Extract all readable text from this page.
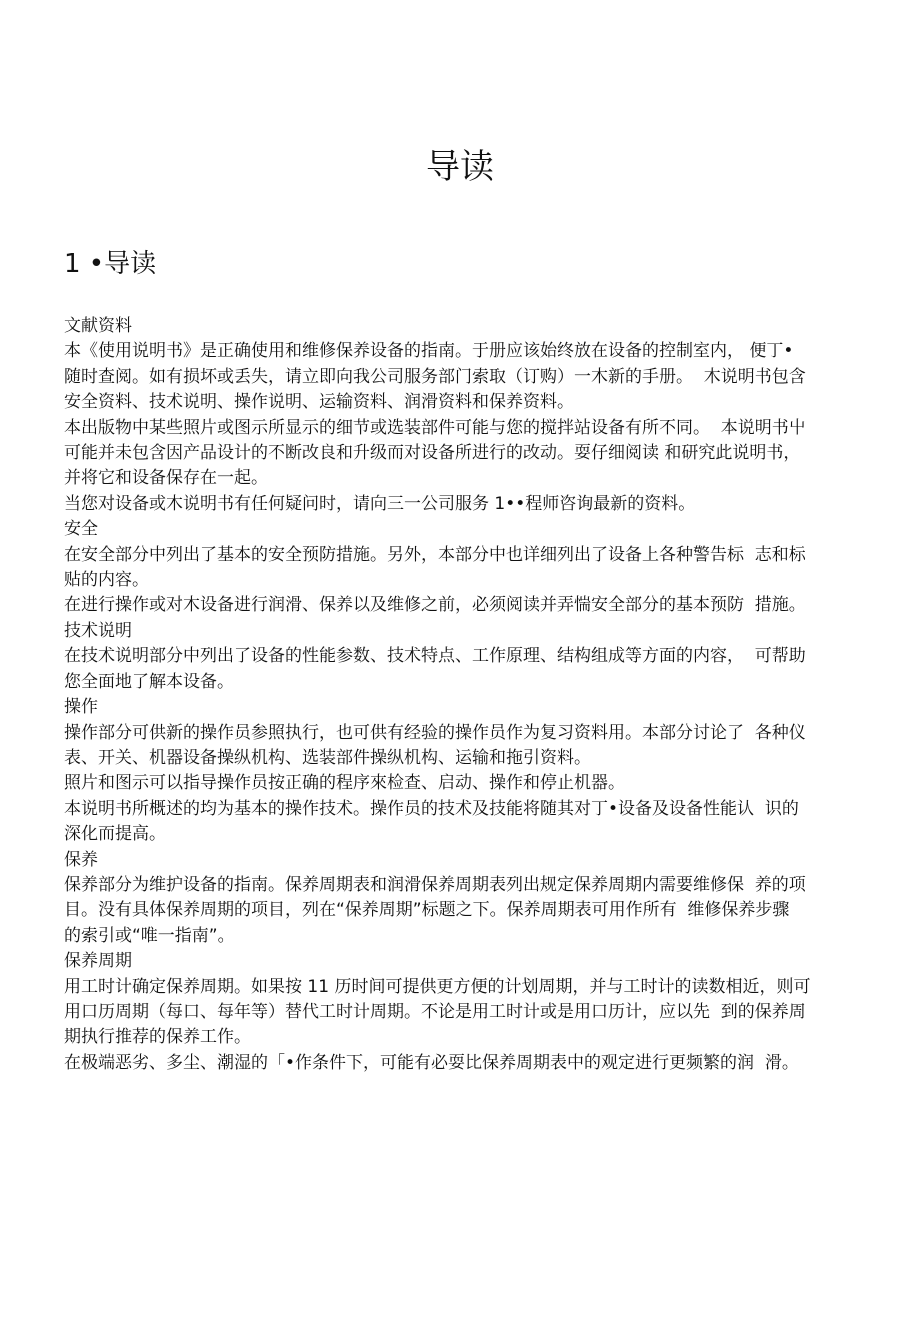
导读
1 •导读

文献资料

本《使用说明书》是正确使用和维修保养设备的指南。于册应该始终放在设备的控制室内， 便丁•

随时查阅。如有损坏或丢失，请立即向我公司服务部门索取（订购）一木新的手册。  木说明书包含

安全资料、技术说明、操作说明、运输资料、润滑资料和保养资料。

本出版物中某些照片或图示所显示的细节或选装部件可能与您的搅拌站设备有所不同。  本说明书屮

可能并未包含因产品设计的不断改良和升级而对设备所进行的改动。耍仔细阅读 和研究此说明书，

并将它和设备保存在一起。

当您对设备或木说明书有任何疑问时，请向三一公司服务 1••程师咨询最新的资料。

安全

在安全部分中列出了基本的安全预防措施。另外，本部分中也详细列出了设备上各种警告标  志和标

贴的内容。

在进行操作或对木设备进行润滑、保养以及维修之前，必须阅读并弄惴安全部分的基本预防  措施。

技术说明

在技术说明部分中列出了设备的性能参数、技术特点、工作原理、结构组成等方面的内容，  可帮助

您全面地了解本设备。

操作

操作部分可供新的操作员参照执行，也可供有经验的操作员作为复习资料用。本部分讨论了  各种仪

表、开关、机器设备操纵机构、选装部件操纵机构、运输和拖引资料。

照片和图示可以指导操作员按正确的程序來检查、启动、操作和停止机器。

本说明书所概述的均为基本的操作技术。操作员的技术及技能将随其对丁•设备及设备性能认  识的

深化而提高。

保养

保养部分为维护设备的指南。保养周期表和润滑保养周期表列出规定保养周期内需要维修保  养的项

目。没有具体保养周期的项目，列在“保养周期”标题之下。保养周期表可用作所有  维修保养步骤

的索引或“唯一指南”。

保养周期

用工时计确定保养周期。如果按 11 历时间可提供更方便的计划周期，并与工时计的读数相近，则可

用口历周期（每口、每年等）替代工时计周期。不论是用工时计或是用口历计，应以先  到的保养周

期执行推荐的保养工作。

在极端恶劣、多尘、潮湿的「•作条件下，可能有必耍比保养周期表中的观定进行更频繁的润  滑。
